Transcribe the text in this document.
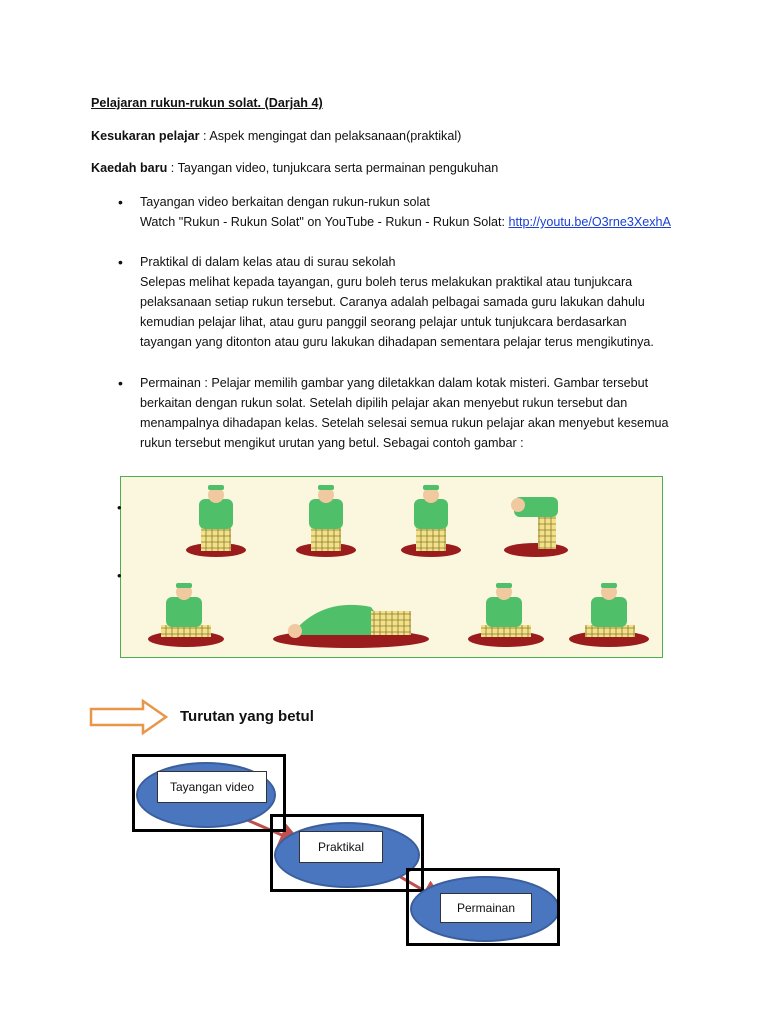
Pelajaran rukun-rukun solat. (Darjah 4)
Kesukaran pelajar : Aspek mengingat dan pelaksanaan(praktikal)
Kaedah baru : Tayangan video, tunjukcara serta permainan pengukuhan
•	Tayangan video berkaitan dengan rukun-rukun solat
Watch "Rukun - Rukun Solat" on YouTube - Rukun - Rukun Solat: http://youtu.be/O3rne3XexhA
•	Praktikal di dalam kelas atau di surau sekolah
Selepas melihat kepada tayangan, guru boleh terus melakukan praktikal atau tunjukcara
pelaksanaan setiap rukun tersebut. Caranya adalah pelbagai samada guru lakukan dahulu
kemudian pelajar lihat, atau guru panggil seorang pelajar untuk tunjukcara berdasarkan
tayangan yang ditonton atau guru lakukan dihadapan sementara pelajar terus mengikutinya.
•	Permainan : Pelajar memilih gambar yang diletakkan dalam kotak misteri. Gambar tersebut
berkaitan dengan rukun solat. Setelah dipilih pelajar akan menyebut rukun tersebut dan
menampalnya dihadapan kelas. Setelah selesai semua rukun pelajar akan menyebut kesemua
rukun tersebut mengikut urutan yang betul. Sebagai contoh gambar :
•
•
Turutan yang betul
Tayangan video
Praktikal
Permainan
